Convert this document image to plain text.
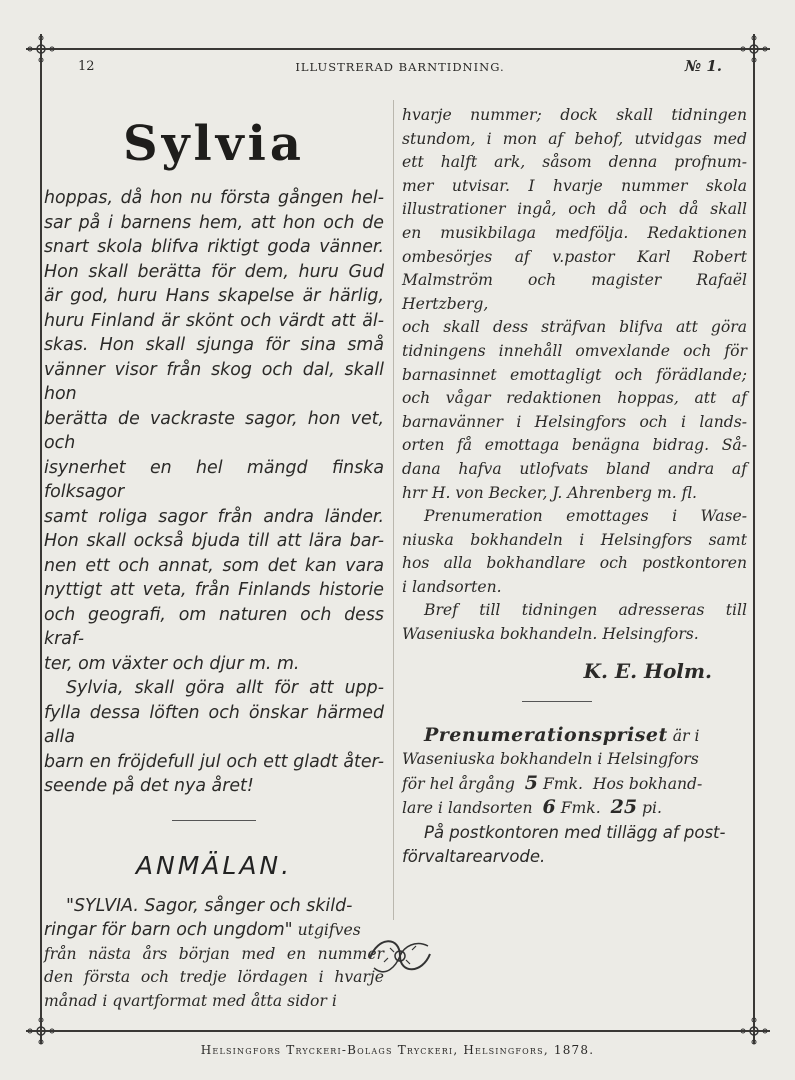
12	ILLUSTRERAD BARNTIDNING.	№ 1.
Sylvia

hoppas, då hon nu första gången hel-

sar på i barnens hem, att hon och de

snart skola blifva riktigt goda vänner.

Hon skall berätta för dem, huru Gud

är god, huru Hans skapelse är härlig,

huru Finland är skönt och värdt att äl-

skas. Hon skall sjunga för sina små

vänner visor från skog och dal, skall hon

berätta de vackraste sagor, hon vet, och

isynerhet en hel mängd finska folksagor

samt roliga sagor från andra länder.

Hon skall också bjuda till att lära bar-

nen ett och annat, som det kan vara

nyttigt att veta, från Finlands historie

och geografi, om naturen och dess kraf-

ter, om växter och djur m. m.

Sylvia, skall göra allt för att upp-

fylla dessa löften och önskar härmed alla

barn en fröjdefull jul och ett gladt åter-

seende på det nya året!

ANMÄLAN.

"SYLVIA. Sagor, sånger och skild-

ringar för barn och ungdom" utgifves

från nästa års början med en nummer

den första och tredje lördagen i hvarje

månad i qvartformat med åtta sidor i

hvarje nummer; dock skall tidningen

stundom, i mon af behof, utvidgas med

ett halft ark, såsom denna profnum-

mer utvisar. I hvarje nummer skola

illustrationer ingå, och då och då skall

en musikbilaga medfölja. Redaktionen

ombesörjes af v.pastor Karl Robert

Malmström och magister Rafaël Hertzberg,

och skall dess sträfvan blifva att göra

tidningens innehåll omvexlande och för

barnasinnet emottagligt och förädlande;

och vågar redaktionen hoppas, att af

barnavänner i Helsingfors och i lands-

orten få emottaga benägna bidrag. Så-

dana hafva utlofvats bland andra af

hrr H. von Becker, J. Ahrenberg m. fl.

Prenumeration emottages i Wase-

niuska bokhandeln i Helsingfors samt

hos alla bokhandlare och postkontoren

i landsorten.

Bref till tidningen adresseras till

Waseniuska bokhandeln. Helsingfors.

K. E. Holm.

Prenumerationspriset är i

Waseniuska bokhandeln i Helsingfors

för hel årgång 5 Fmk. Hos bokhand-

lare i landsorten 6 Fmk. 25 pi.

På postkontoren med tillägg af post-

förvaltarearvode.

Helsingfors Tryckeri-Bolags Tryckeri, Helsingfors, 1878.
